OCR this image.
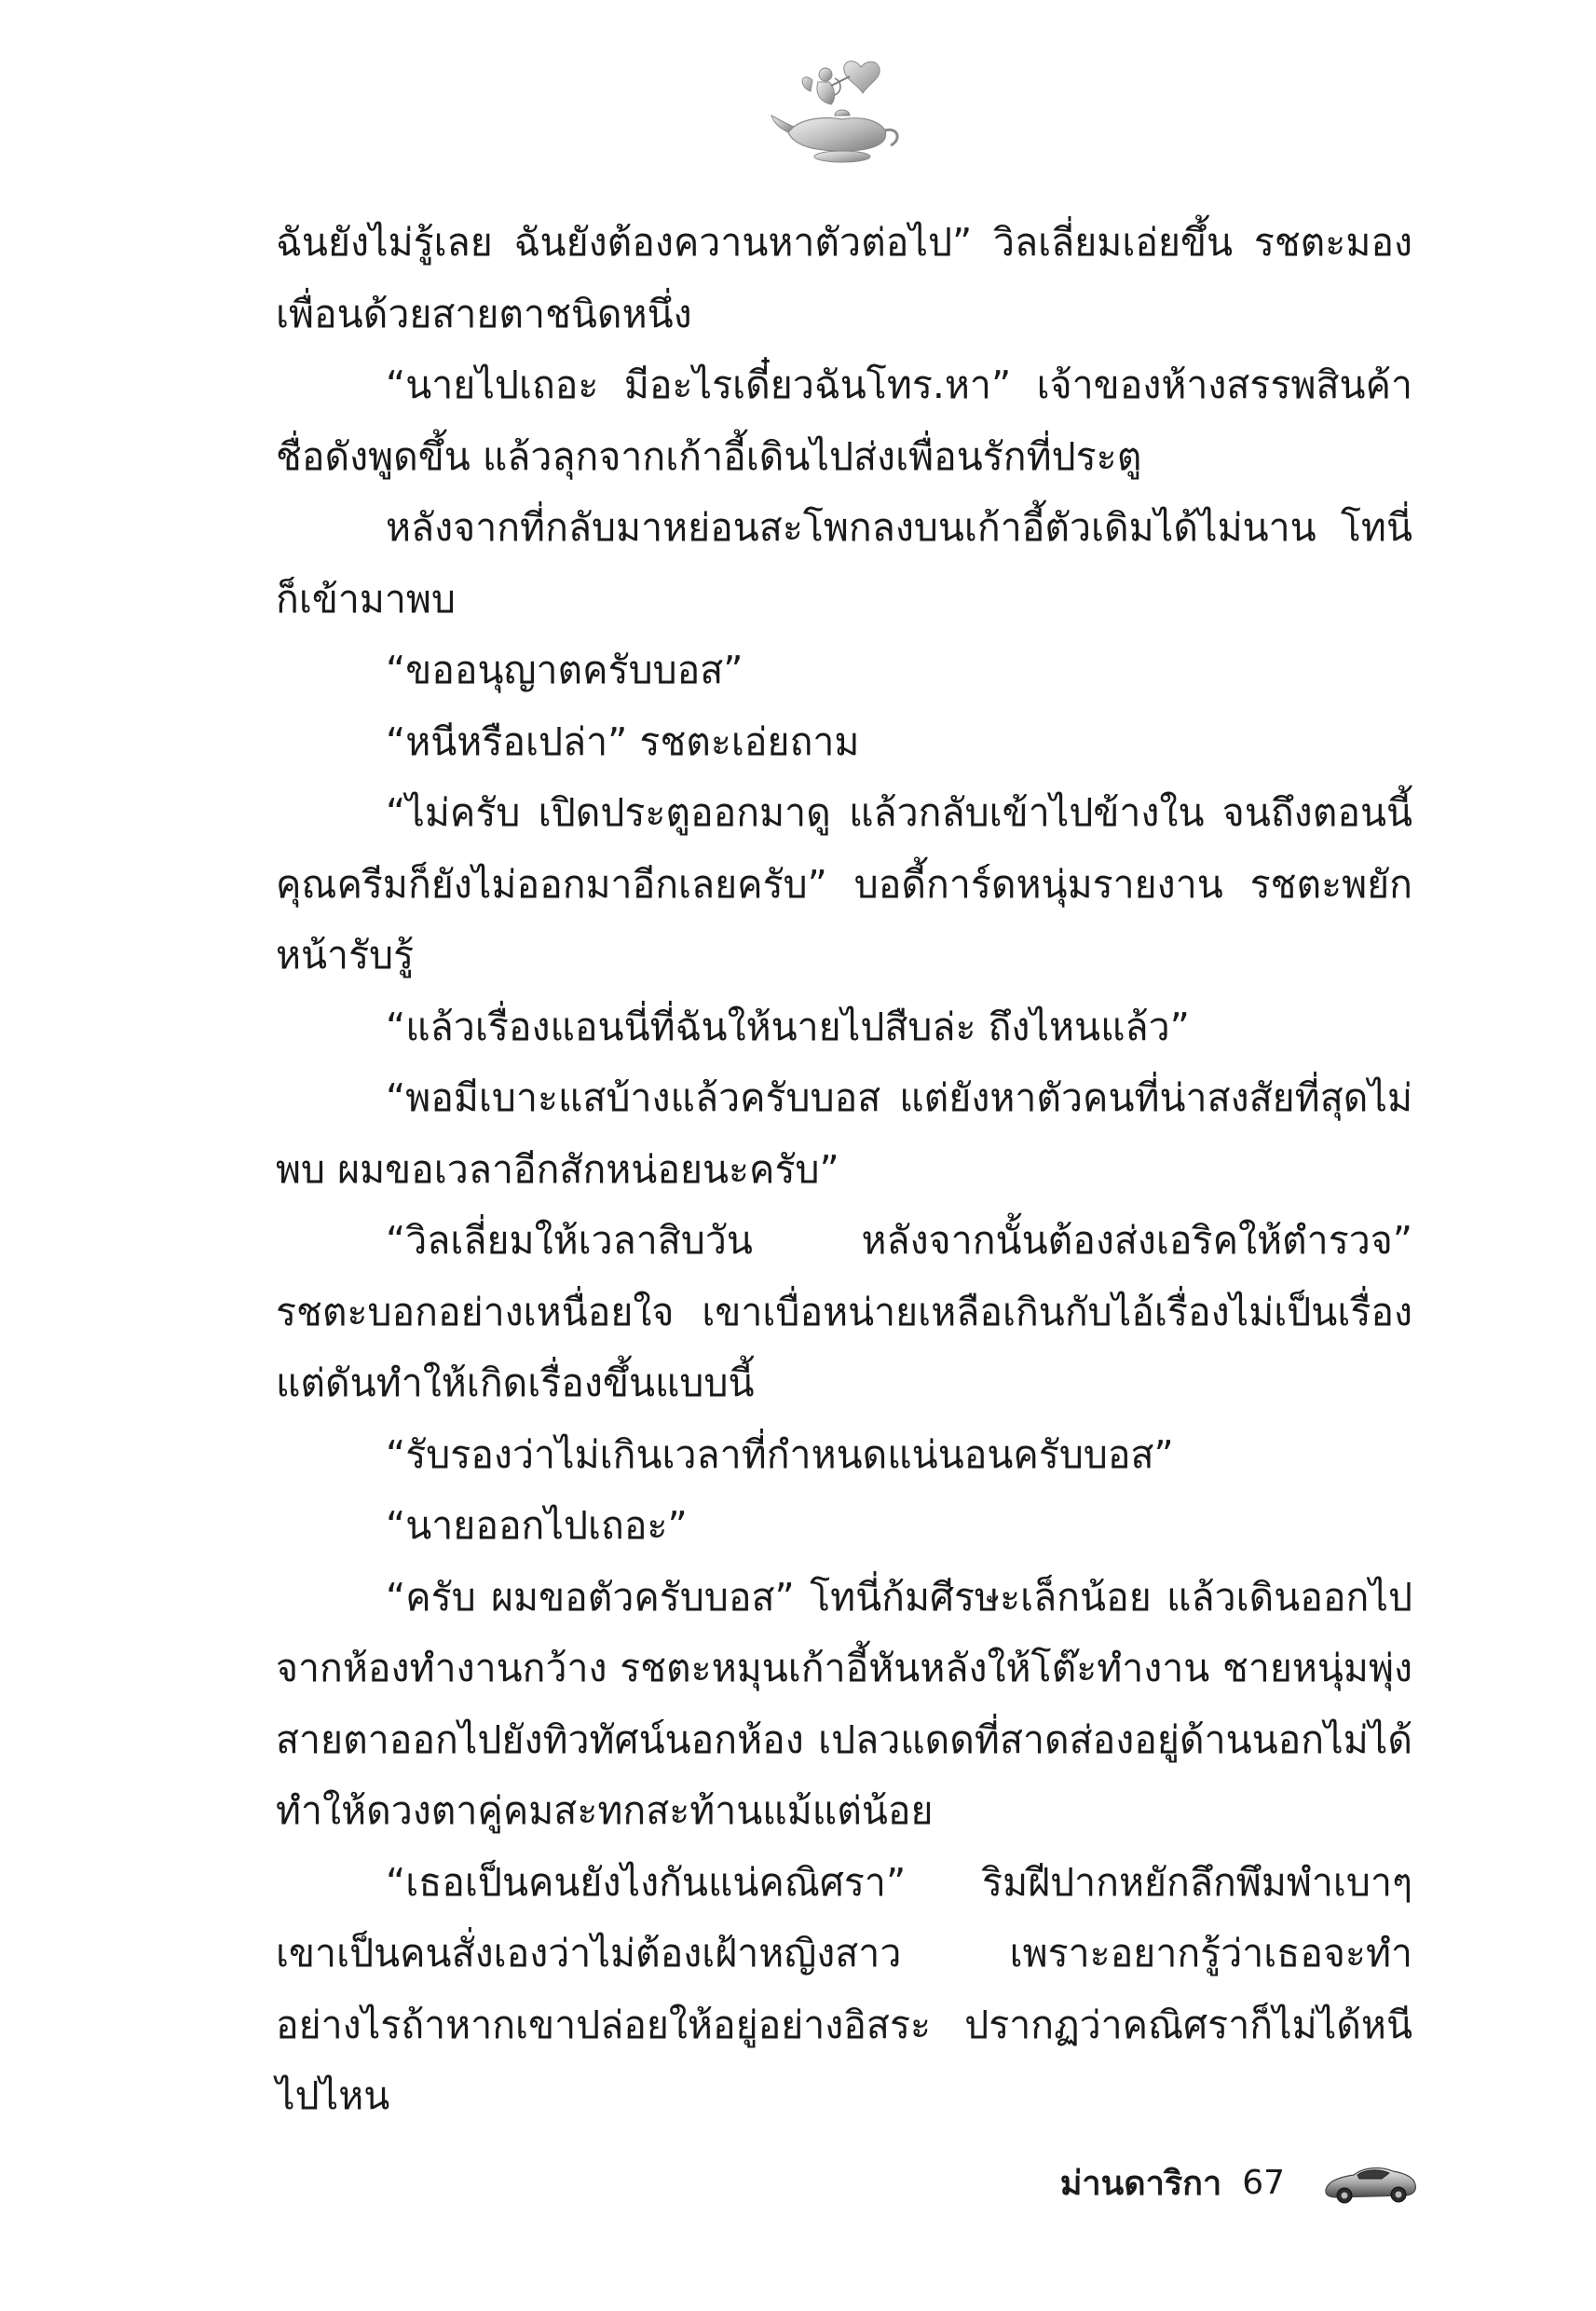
ฉันยังไม่รู้เลย ฉันยังต้องควานหาตัวต่อไป” วิลเลี่ยมเอ่ยขึ้น รชตะมองเพื่อนด้วยสายตาชนิดหนึ่ง

“นายไปเถอะ มีอะไรเดี๋ยวฉันโทร.หา” เจ้าของห้างสรรพสินค้าชื่อดังพูดขึ้น แล้วลุกจากเก้าอี้เดินไปส่งเพื่อนรักที่ประตู

หลังจากที่กลับมาหย่อนสะโพกลงบนเก้าอี้ตัวเดิมได้ไม่นาน โทนี่ก็เข้ามาพบ

“ขออนุญาตครับบอส”

“หนีหรือเปล่า” รชตะเอ่ยถาม

“ไม่ครับ เปิดประตูออกมาดู แล้วกลับเข้าไปข้างใน จนถึงตอนนี้คุณครีมก็ยังไม่ออกมาอีกเลยครับ” บอดี้การ์ดหนุ่มรายงาน รชตะพยักหน้ารับรู้

“แล้วเรื่องแอนนี่ที่ฉันให้นายไปสืบล่ะ ถึงไหนแล้ว”

“พอมีเบาะแสบ้างแล้วครับบอส แต่ยังหาตัวคนที่น่าสงสัยที่สุดไม่พบ ผมขอเวลาอีกสักหน่อยนะครับ”

“วิลเลี่ยมให้เวลาสิบวัน หลังจากนั้นต้องส่งเอริคให้ตำรวจ” รชตะบอกอย่างเหนื่อยใจ เขาเบื่อหน่ายเหลือเกินกับไอ้เรื่องไม่เป็นเรื่อง แต่ดันทำให้เกิดเรื่องขึ้นแบบนี้

“รับรองว่าไม่เกินเวลาที่กำหนดแน่นอนครับบอส”

“นายออกไปเถอะ”

“ครับ ผมขอตัวครับบอส” โทนี่ก้มศีรษะเล็กน้อย แล้วเดินออกไปจากห้องทำงานกว้าง รชตะหมุนเก้าอี้หันหลังให้โต๊ะทำงาน ชายหนุ่มพุ่งสายตาออกไปยังทิวทัศน์นอกห้อง เปลวแดดที่สาดส่องอยู่ด้านนอกไม่ได้ทำให้ดวงตาคู่คมสะทกสะท้านแม้แต่น้อย

“เธอเป็นคนยังไงกันแน่คณิศรา” ริมฝีปากหยักลึกพึมพำเบาๆ เขาเป็นคนสั่งเองว่าไม่ต้องเฝ้าหญิงสาว เพราะอยากรู้ว่าเธอจะทำอย่างไรถ้าหากเขาปล่อยให้อยู่อย่างอิสระ ปรากฏว่าคณิศราก็ไม่ได้หนีไปไหน

ม่านดาริกา 67
